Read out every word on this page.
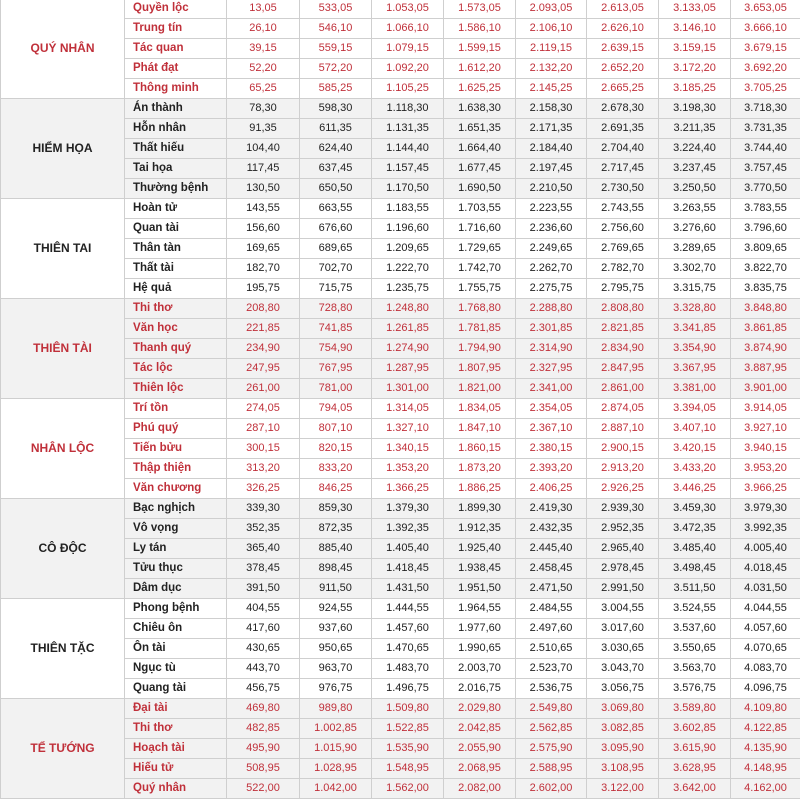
QUÝ NHÂN	Quyền lộc	13,05	533,05	1.053,05	1.573,05	2.093,05	2.613,05	3.133,05	3.653,05
	Trung tín	26,10	546,10	1.066,10	1.586,10	2.106,10	2.626,10	3.146,10	3.666,10
	Tác quan	39,15	559,15	1.079,15	1.599,15	2.119,15	2.639,15	3.159,15	3.679,15
	Phát đạt	52,20	572,20	1.092,20	1.612,20	2.132,20	2.652,20	3.172,20	3.692,20
	Thông minh	65,25	585,25	1.105,25	1.625,25	2.145,25	2.665,25	3.185,25	3.705,25
HIỂM HỌA	Án thành	78,30	598,30	1.118,30	1.638,30	2.158,30	2.678,30	3.198,30	3.718,30
	Hỗn nhân	91,35	611,35	1.131,35	1.651,35	2.171,35	2.691,35	3.211,35	3.731,35
	Thất hiếu	104,40	624,40	1.144,40	1.664,40	2.184,40	2.704,40	3.224,40	3.744,40
	Tai họa	117,45	637,45	1.157,45	1.677,45	2.197,45	2.717,45	3.237,45	3.757,45
	Thường bệnh	130,50	650,50	1.170,50	1.690,50	2.210,50	2.730,50	3.250,50	3.770,50
THIÊN TAI	Hoàn tử	143,55	663,55	1.183,55	1.703,55	2.223,55	2.743,55	3.263,55	3.783,55
	Quan tài	156,60	676,60	1.196,60	1.716,60	2.236,60	2.756,60	3.276,60	3.796,60
	Thân tàn	169,65	689,65	1.209,65	1.729,65	2.249,65	2.769,65	3.289,65	3.809,65
	Thất tài	182,70	702,70	1.222,70	1.742,70	2.262,70	2.782,70	3.302,70	3.822,70
	Hệ quả	195,75	715,75	1.235,75	1.755,75	2.275,75	2.795,75	3.315,75	3.835,75
THIÊN TÀI	Thi thơ	208,80	728,80	1.248,80	1.768,80	2.288,80	2.808,80	3.328,80	3.848,80
	Văn học	221,85	741,85	1.261,85	1.781,85	2.301,85	2.821,85	3.341,85	3.861,85
	Thanh quý	234,90	754,90	1.274,90	1.794,90	2.314,90	2.834,90	3.354,90	3.874,90
	Tác lộc	247,95	767,95	1.287,95	1.807,95	2.327,95	2.847,95	3.367,95	3.887,95
	Thiên lộc	261,00	781,00	1.301,00	1.821,00	2.341,00	2.861,00	3.381,00	3.901,00
NHÂN LỘC	Trí tồn	274,05	794,05	1.314,05	1.834,05	2.354,05	2.874,05	3.394,05	3.914,05
	Phú quý	287,10	807,10	1.327,10	1.847,10	2.367,10	2.887,10	3.407,10	3.927,10
	Tiến bửu	300,15	820,15	1.340,15	1.860,15	2.380,15	2.900,15	3.420,15	3.940,15
	Thập thiện	313,20	833,20	1.353,20	1.873,20	2.393,20	2.913,20	3.433,20	3.953,20
	Văn chương	326,25	846,25	1.366,25	1.886,25	2.406,25	2.926,25	3.446,25	3.966,25
CÔ ĐỘC	Bạc nghịch	339,30	859,30	1.379,30	1.899,30	2.419,30	2.939,30	3.459,30	3.979,30
	Vô vọng	352,35	872,35	1.392,35	1.912,35	2.432,35	2.952,35	3.472,35	3.992,35
	Ly tán	365,40	885,40	1.405,40	1.925,40	2.445,40	2.965,40	3.485,40	4.005,40
	Tửu thục	378,45	898,45	1.418,45	1.938,45	2.458,45	2.978,45	3.498,45	4.018,45
	Dâm dục	391,50	911,50	1.431,50	1.951,50	2.471,50	2.991,50	3.511,50	4.031,50
THIÊN TẶC	Phong bệnh	404,55	924,55	1.444,55	1.964,55	2.484,55	3.004,55	3.524,55	4.044,55
	Chiêu ôn	417,60	937,60	1.457,60	1.977,60	2.497,60	3.017,60	3.537,60	4.057,60
	Ôn tài	430,65	950,65	1.470,65	1.990,65	2.510,65	3.030,65	3.550,65	4.070,65
	Ngục tù	443,70	963,70	1.483,70	2.003,70	2.523,70	3.043,70	3.563,70	4.083,70
	Quang tài	456,75	976,75	1.496,75	2.016,75	2.536,75	3.056,75	3.576,75	4.096,75
TỂ TƯỚNG	Đại tài	469,80	989,80	1.509,80	2.029,80	2.549,80	3.069,80	3.589,80	4.109,80
	Thi thơ	482,85	1.002,85	1.522,85	2.042,85	2.562,85	3.082,85	3.602,85	4.122,85
	Hoạch tài	495,90	1.015,90	1.535,90	2.055,90	2.575,90	3.095,90	3.615,90	4.135,90
	Hiếu tử	508,95	1.028,95	1.548,95	2.068,95	2.588,95	3.108,95	3.628,95	4.148,95
	Quý nhân	522,00	1.042,00	1.562,00	2.082,00	2.602,00	3.122,00	3.642,00	4.162,00
